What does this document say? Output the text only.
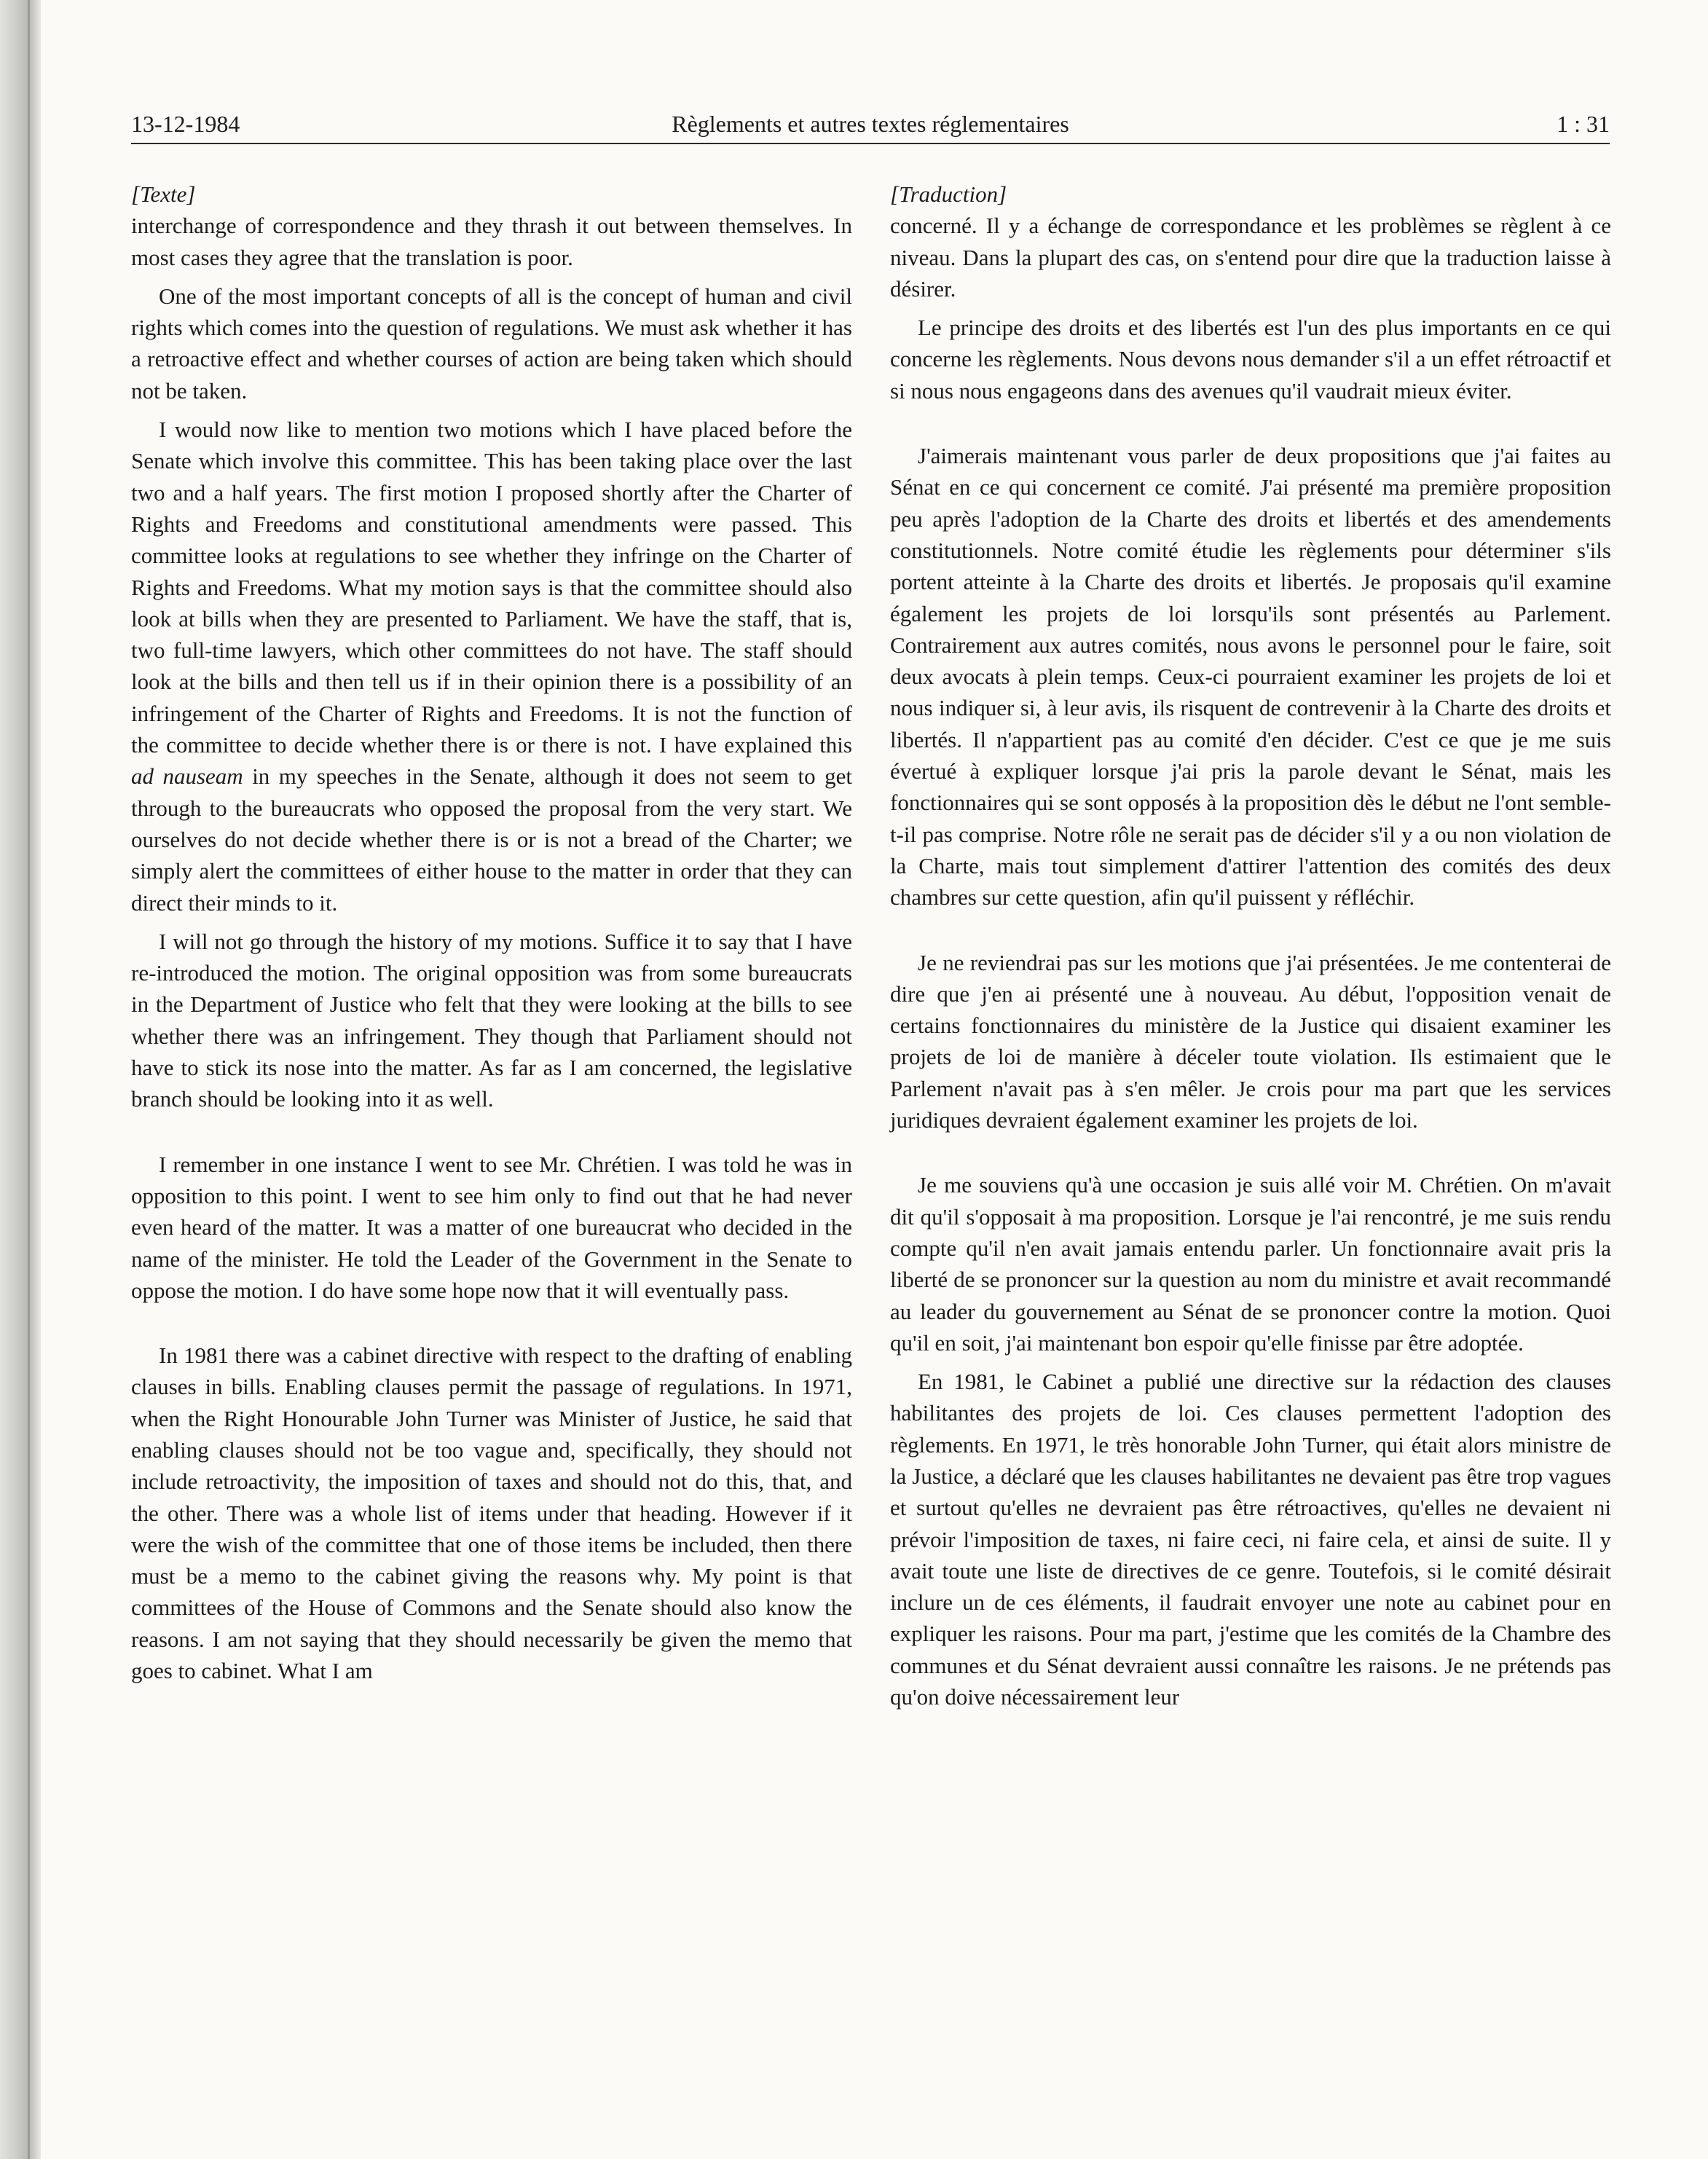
13-12-1984	Règlements et autres textes réglementaires	1 : 31

[Texte]

interchange of correspondence and they thrash it out between themselves. In most cases they agree that the translation is poor.

One of the most important concepts of all is the concept of human and civil rights which comes into the question of regulations. We must ask whether it has a retroactive effect and whether courses of action are being taken which should not be taken.

I would now like to mention two motions which I have placed before the Senate which involve this committee. This has been taking place over the last two and a half years. The first motion I proposed shortly after the Charter of Rights and Freedoms and constitutional amendments were passed. This committee looks at regulations to see whether they infringe on the Charter of Rights and Freedoms. What my motion says is that the committee should also look at bills when they are presented to Parliament. We have the staff, that is, two full-time lawyers, which other committees do not have. The staff should look at the bills and then tell us if in their opinion there is a possibility of an infringement of the Charter of Rights and Freedoms. It is not the function of the committee to decide whether there is or there is not. I have explained this ad nauseam in my speeches in the Senate, although it does not seem to get through to the bureaucrats who opposed the proposal from the very start. We ourselves do not decide whether there is or is not a bread of the Charter; we simply alert the committees of either house to the matter in order that they can direct their minds to it.

I will not go through the history of my motions. Suffice it to say that I have re-introduced the motion. The original opposition was from some bureaucrats in the Department of Justice who felt that they were looking at the bills to see whether there was an infringement. They though that Parliament should not have to stick its nose into the matter. As far as I am concerned, the legislative branch should be looking into it as well.

I remember in one instance I went to see Mr. Chrétien. I was told he was in opposition to this point. I went to see him only to find out that he had never even heard of the matter. It was a matter of one bureaucrat who decided in the name of the minister. He told the Leader of the Government in the Senate to oppose the motion. I do have some hope now that it will eventually pass.

In 1981 there was a cabinet directive with respect to the drafting of enabling clauses in bills. Enabling clauses permit the passage of regulations. In 1971, when the Right Honourable John Turner was Minister of Justice, he said that enabling clauses should not be too vague and, specifically, they should not include retroactivity, the imposition of taxes and should not do this, that, and the other. There was a whole list of items under that heading. However if it were the wish of the committee that one of those items be included, then there must be a memo to the cabinet giving the reasons why. My point is that committees of the House of Commons and the Senate should also know the reasons. I am not saying that they should necessarily be given the memo that goes to cabinet. What I am

[Traduction]

concerné. Il y a échange de correspondance et les problèmes se règlent à ce niveau. Dans la plupart des cas, on s'entend pour dire que la traduction laisse à désirer.

Le principe des droits et des libertés est l'un des plus importants en ce qui concerne les règlements. Nous devons nous demander s'il a un effet rétroactif et si nous nous engageons dans des avenues qu'il vaudrait mieux éviter.

J'aimerais maintenant vous parler de deux propositions que j'ai faites au Sénat en ce qui concernent ce comité. J'ai présenté ma première proposition peu après l'adoption de la Charte des droits et libertés et des amendements constitutionnels. Notre comité étudie les règlements pour déterminer s'ils portent atteinte à la Charte des droits et libertés. Je proposais qu'il examine également les projets de loi lorsqu'ils sont présentés au Parlement. Contrairement aux autres comités, nous avons le personnel pour le faire, soit deux avocats à plein temps. Ceux-ci pourraient examiner les projets de loi et nous indiquer si, à leur avis, ils risquent de contrevenir à la Charte des droits et libertés. Il n'appartient pas au comité d'en décider. C'est ce que je me suis évertué à expliquer lorsque j'ai pris la parole devant le Sénat, mais les fonctionnaires qui se sont opposés à la proposition dès le début ne l'ont semble-t-il pas comprise. Notre rôle ne serait pas de décider s'il y a ou non violation de la Charte, mais tout simplement d'attirer l'attention des comités des deux chambres sur cette question, afin qu'il puissent y réfléchir.

Je ne reviendrai pas sur les motions que j'ai présentées. Je me contenterai de dire que j'en ai présenté une à nouveau. Au début, l'opposition venait de certains fonctionnaires du ministère de la Justice qui disaient examiner les projets de loi de manière à déceler toute violation. Ils estimaient que le Parlement n'avait pas à s'en mêler. Je crois pour ma part que les services juridiques devraient également examiner les projets de loi.

Je me souviens qu'à une occasion je suis allé voir M. Chrétien. On m'avait dit qu'il s'opposait à ma proposition. Lorsque je l'ai rencontré, je me suis rendu compte qu'il n'en avait jamais entendu parler. Un fonctionnaire avait pris la liberté de se prononcer sur la question au nom du ministre et avait recommandé au leader du gouvernement au Sénat de se prononcer contre la motion. Quoi qu'il en soit, j'ai maintenant bon espoir qu'elle finisse par être adoptée.

En 1981, le Cabinet a publié une directive sur la rédaction des clauses habilitantes des projets de loi. Ces clauses permettent l'adoption des règlements. En 1971, le très honorable John Turner, qui était alors ministre de la Justice, a déclaré que les clauses habilitantes ne devaient pas être trop vagues et surtout qu'elles ne devraient pas être rétroactives, qu'elles ne devaient ni prévoir l'imposition de taxes, ni faire ceci, ni faire cela, et ainsi de suite. Il y avait toute une liste de directives de ce genre. Toutefois, si le comité désirait inclure un de ces éléments, il faudrait envoyer une note au cabinet pour en expliquer les raisons. Pour ma part, j'estime que les comités de la Chambre des communes et du Sénat devraient aussi connaître les raisons. Je ne prétends pas qu'on doive nécessairement leur
